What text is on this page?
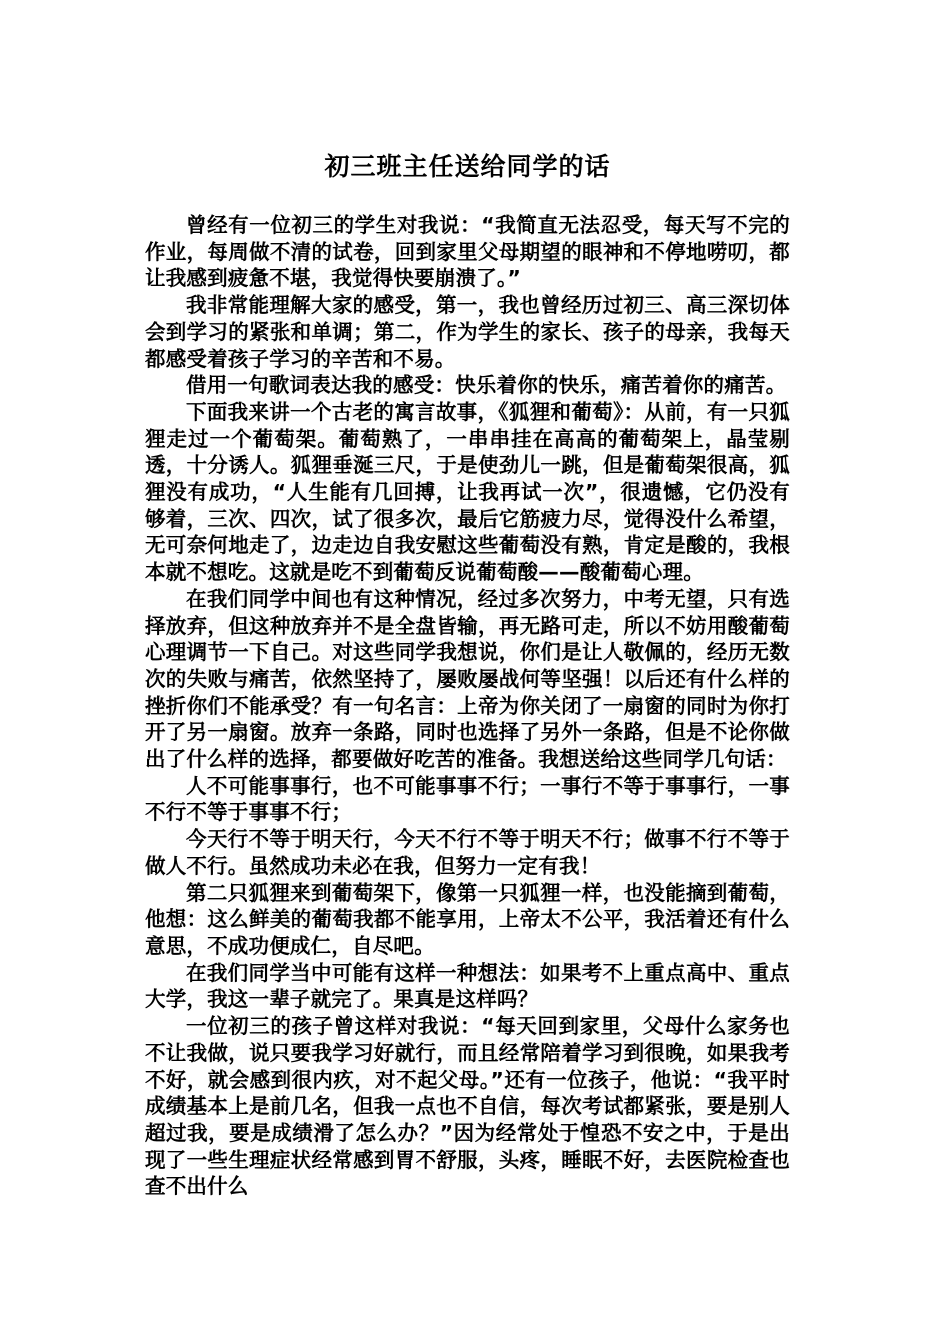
初三班主任送给同学的话

曾经有一位初三的学生对我说：“我简直无法忍受，每天写不完的作业，每周做不清的试卷，回到家里父母期望的眼神和不停地唠叨，都让我感到疲惫不堪，我觉得快要崩溃了。”

我非常能理解大家的感受，第一，我也曾经历过初三、高三深切体会到学习的紧张和单调；第二，作为学生的家长、孩子的母亲，我每天都感受着孩子学习的辛苦和不易。

借用一句歌词表达我的感受：快乐着你的快乐，痛苦着你的痛苦。

下面我来讲一个古老的寓言故事，《狐狸和葡萄》：从前，有一只狐狸走过一个葡萄架。葡萄熟了，一串串挂在高高的葡萄架上，晶莹剔透，十分诱人。狐狸垂涎三尺，于是使劲儿一跳，但是葡萄架很高，狐狸没有成功，“人生能有几回搏，让我再试一次”，很遗憾，它仍没有够着，三次、四次，试了很多次，最后它筋疲力尽，觉得没什么希望，无可奈何地走了，边走边自我安慰这些葡萄没有熟，肯定是酸的，我根本就不想吃。这就是吃不到葡萄反说葡萄酸——酸葡萄心理。

在我们同学中间也有这种情况，经过多次努力，中考无望，只有选择放弃，但这种放弃并不是全盘皆输，再无路可走，所以不妨用酸葡萄心理调节一下自己。对这些同学我想说，你们是让人敬佩的，经历无数次的失败与痛苦，依然坚持了，屡败屡战何等坚强！以后还有什么样的挫折你们不能承受？有一句名言：上帝为你关闭了一扇窗的同时为你打开了另一扇窗。放弃一条路，同时也选择了另外一条路，但是不论你做出了什么样的选择，都要做好吃苦的准备。我想送给这些同学几句话：

人不可能事事行，也不可能事事不行；一事行不等于事事行，一事不行不等于事事不行；

今天行不等于明天行，今天不行不等于明天不行；做事不行不等于做人不行。虽然成功未必在我，但努力一定有我！

第二只狐狸来到葡萄架下，像第一只狐狸一样，也没能摘到葡萄，他想：这么鲜美的葡萄我都不能享用，上帝太不公平，我活着还有什么意思，不成功便成仁，自尽吧。

在我们同学当中可能有这样一种想法：如果考不上重点高中、重点大学，我这一辈子就完了。果真是这样吗？

一位初三的孩子曾这样对我说：“每天回到家里，父母什么家务也不让我做，说只要我学习好就行，而且经常陪着学习到很晚，如果我考不好，就会感到很内疚，对不起父母。”还有一位孩子，他说：“我平时成绩基本上是前几名，但我一点也不自信，每次考试都紧张，要是别人超过我，要是成绩滑了怎么办？”因为经常处于惶恐不安之中，于是出现了一些生理症状经常感到胃不舒服，头疼，睡眠不好，去医院检查也查不出什么
